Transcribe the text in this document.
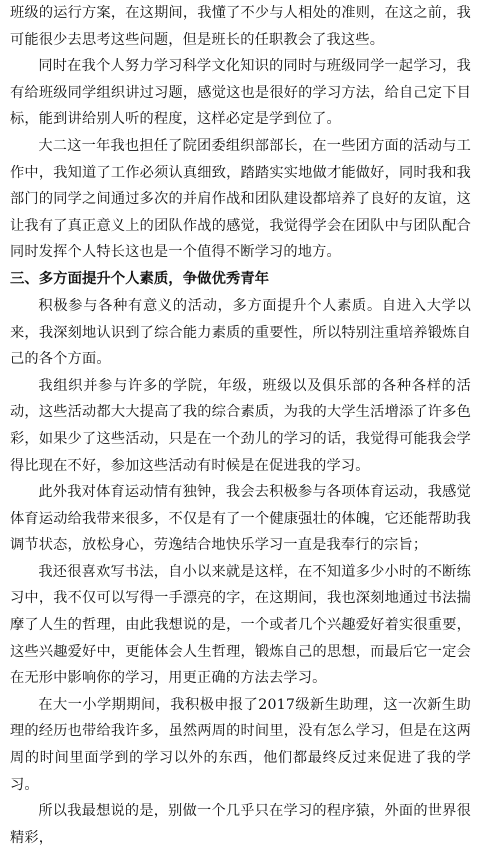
班级的运行方案，在这期间，我懂了不少与人相处的准则，在这之前，我可能很少去思考这些问题，但是班长的任职教会了我这些。

同时在我个人努力学习科学文化知识的同时与班级同学一起学习，我有给班级同学组织讲过习题，感觉这也是很好的学习方法，给自己定下目标，能到讲给别人听的程度，这样必定是学到位了。

大二这一年我也担任了院团委组织部部长，在一些团方面的活动与工作中，我知道了工作必须认真细致，踏踏实实地做才能做好，同时我和我部门的同学之间通过多次的并肩作战和团队建设都培养了良好的友谊，这让我有了真正意义上的团队作战的感觉，我觉得学会在团队中与团队配合同时发挥个人特长这也是一个值得不断学习的地方。

三、多方面提升个人素质，争做优秀青年

积极参与各种有意义的活动，多方面提升个人素质。自进入大学以来，我深刻地认识到了综合能力素质的重要性，所以特别注重培养锻炼自己的各个方面。

我组织并参与许多的学院，年级，班级以及俱乐部的各种各样的活动，这些活动都大大提高了我的综合素质，为我的大学生活增添了许多色彩，如果少了这些活动，只是在一个劲儿的学习的话，我觉得可能我会学得比现在不好，参加这些活动有时候是在促进我的学习。

此外我对体育运动情有独钟，我会去积极参与各项体育运动，我感觉体育运动给我带来很多，不仅是有了一个健康强壮的体魄，它还能帮助我调节状态，放松身心，劳逸结合地快乐学习一直是我奉行的宗旨；

我还很喜欢写书法，自小以来就是这样，在不知道多少小时的不断练习中，我不仅可以写得一手漂亮的字，在这期间，我也深刻地通过书法揣摩了人生的哲理，由此我想说的是，一个或者几个兴趣爱好着实很重要，这些兴趣爱好中，更能体会人生哲理，锻炼自己的思想，而最后它一定会在无形中影响你的学习，用更正确的方法去学习。

在大一小学期期间，我积极申报了2017级新生助理，这一次新生助理的经历也带给我许多，虽然两周的时间里，没有怎么学习，但是在这两周的时间里面学到的学习以外的东西，他们都最终反过来促进了我的学习。

所以我最想说的是，别做一个几乎只在学习的程序猿，外面的世界很精彩，
